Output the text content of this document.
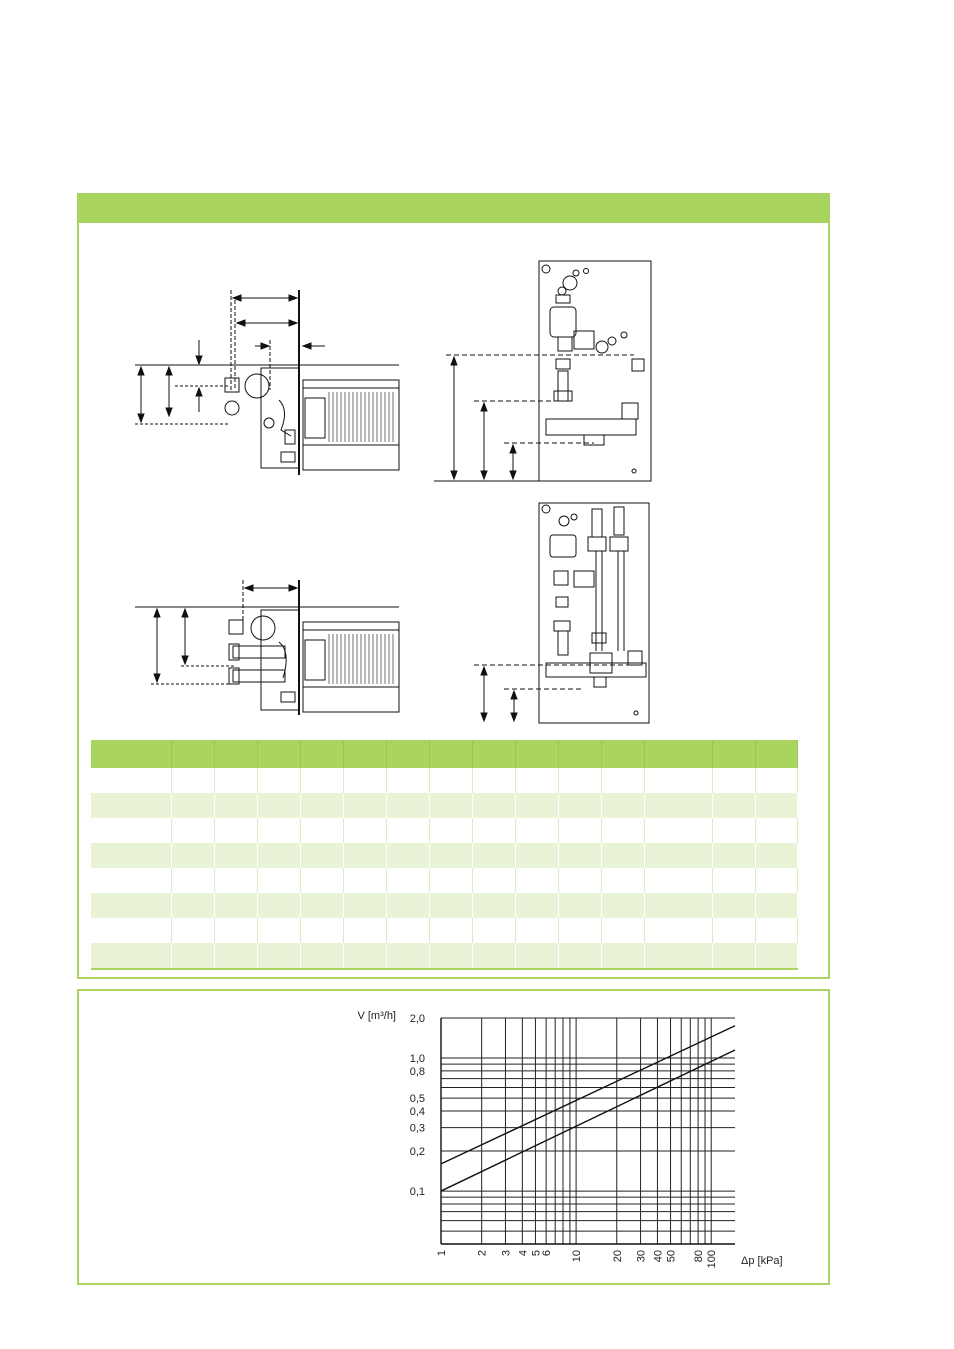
0,1
0,2
0,3
0,4
0,5
0,8
1,0
2,0
1	2 3 4 5
6 10	20 30 40 50 80 100
V [m³/h]
Δp [kPa]
